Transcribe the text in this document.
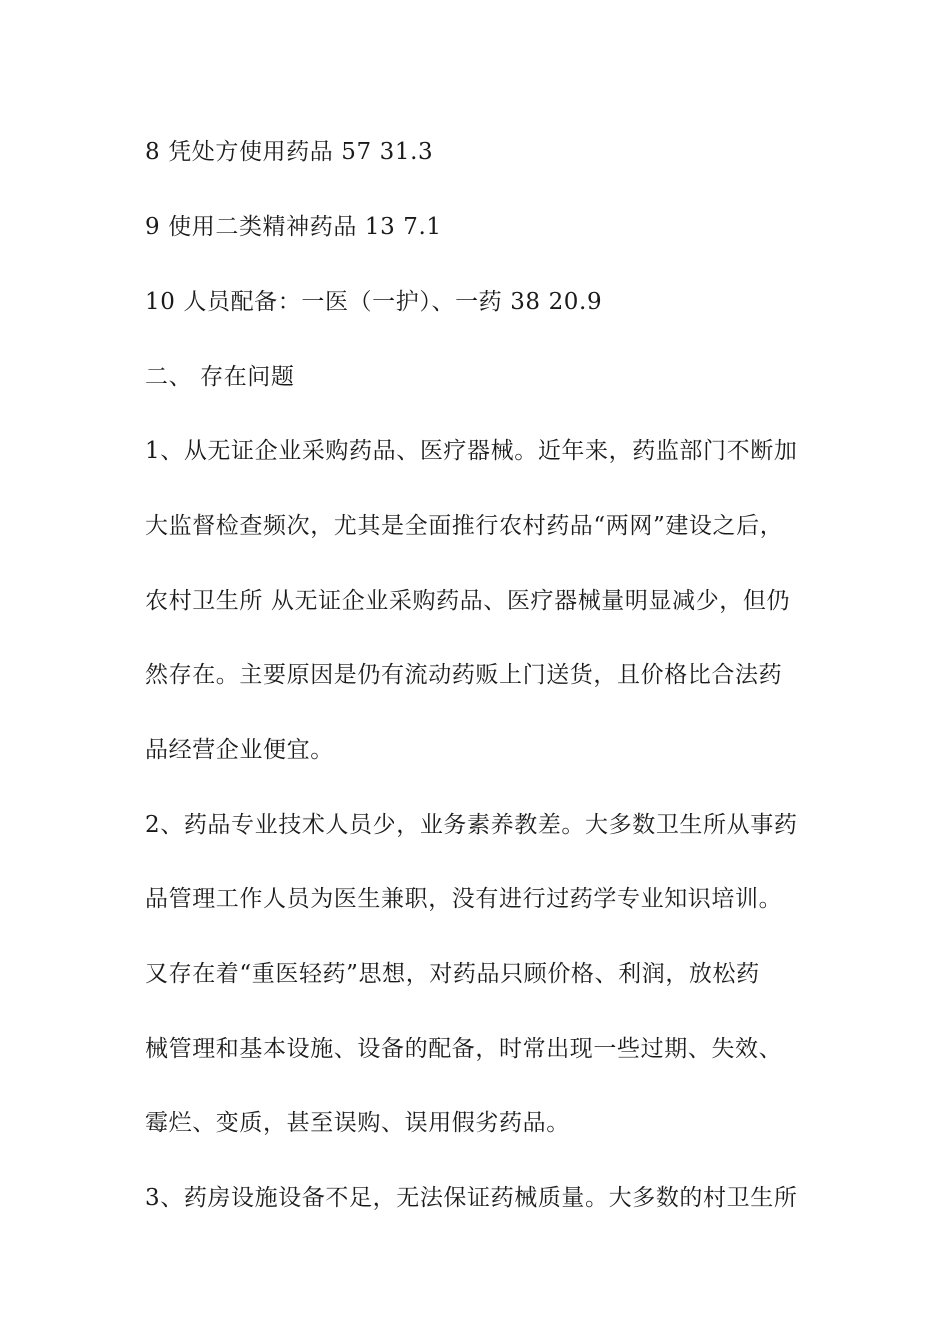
8 凭处方使用药品 57 31.3
9 使用二类精神药品 13 7.1
10 人员配备：一医（一护）、一药 38 20.9
二、 存在问题
1、从无证企业采购药品、医疗器械。近年来，药监部门不断加
大监督检查频次，尤其是全面推行农村药品“两网”建设之后，
农村卫生所 从无证企业采购药品、医疗器械量明显减少，但仍
然存在。主要原因是仍有流动药贩上门送货，且价格比合法药
品经营企业便宜。
2、药品专业技术人员少，业务素养教差。大多数卫生所从事药
品管理工作人员为医生兼职，没有进行过药学专业知识培训。
又存在着“重医轻药”思想，对药品只顾价格、利润，放松药
械管理和基本设施、设备的配备，时常出现一些过期、失效、
霉烂、变质，甚至误购、误用假劣药品。
3、药房设施设备不足，无法保证药械质量。大多数的村卫生所
